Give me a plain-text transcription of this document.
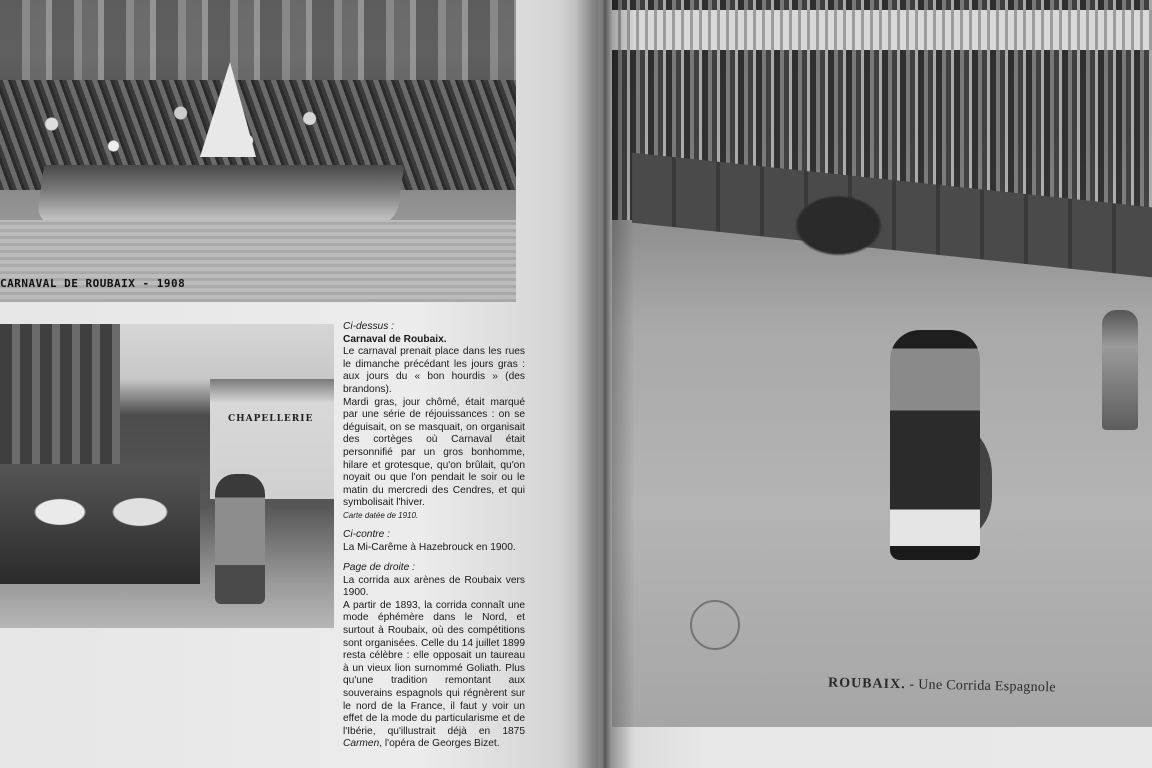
CARNAVAL DE ROUBAIX - 1908
CHAPELLERIE
Ci-dessus :
Carnaval de Roubaix.

Le carnaval prenait place dans les rues le dimanche précédant les jours gras : aux jours du « bon hourdis » (des brandons).

Mardi gras, jour chômé, était marqué par une série de réjouissances : on se déguisait, on se masquait, on organisait des cortèges où Carnaval était personnifié par un gros bonhomme, hilare et grotesque, qu'on brûlait, qu'on noyait ou que l'on pendait le soir ou le matin du mercredi des Cendres, et qui symbolisait l'hiver.

Carte datée de 1910.
Ci-contre :

La Mi-Carême à Hazebrouck en 1900.

Page de droite :

La corrida aux arènes de Roubaix vers 1900.

A partir de 1893, la corrida connaît une mode éphémère dans le Nord, et surtout à Roubaix, où des compétitions sont organisées. Celle du 14 juillet 1899 resta célèbre : elle opposait un taureau à un vieux lion surnommé Goliath. Plus qu'une tradition remontant aux souverains espagnols qui régnèrent sur le nord de la France, il faut y voir un effet de la mode du particularisme et de l'Ibérie, qu'illustrait déjà en 1875 Carmen, l'opéra de Georges Bizet.

ROUBAIX. - Une Corrida Espagnole
